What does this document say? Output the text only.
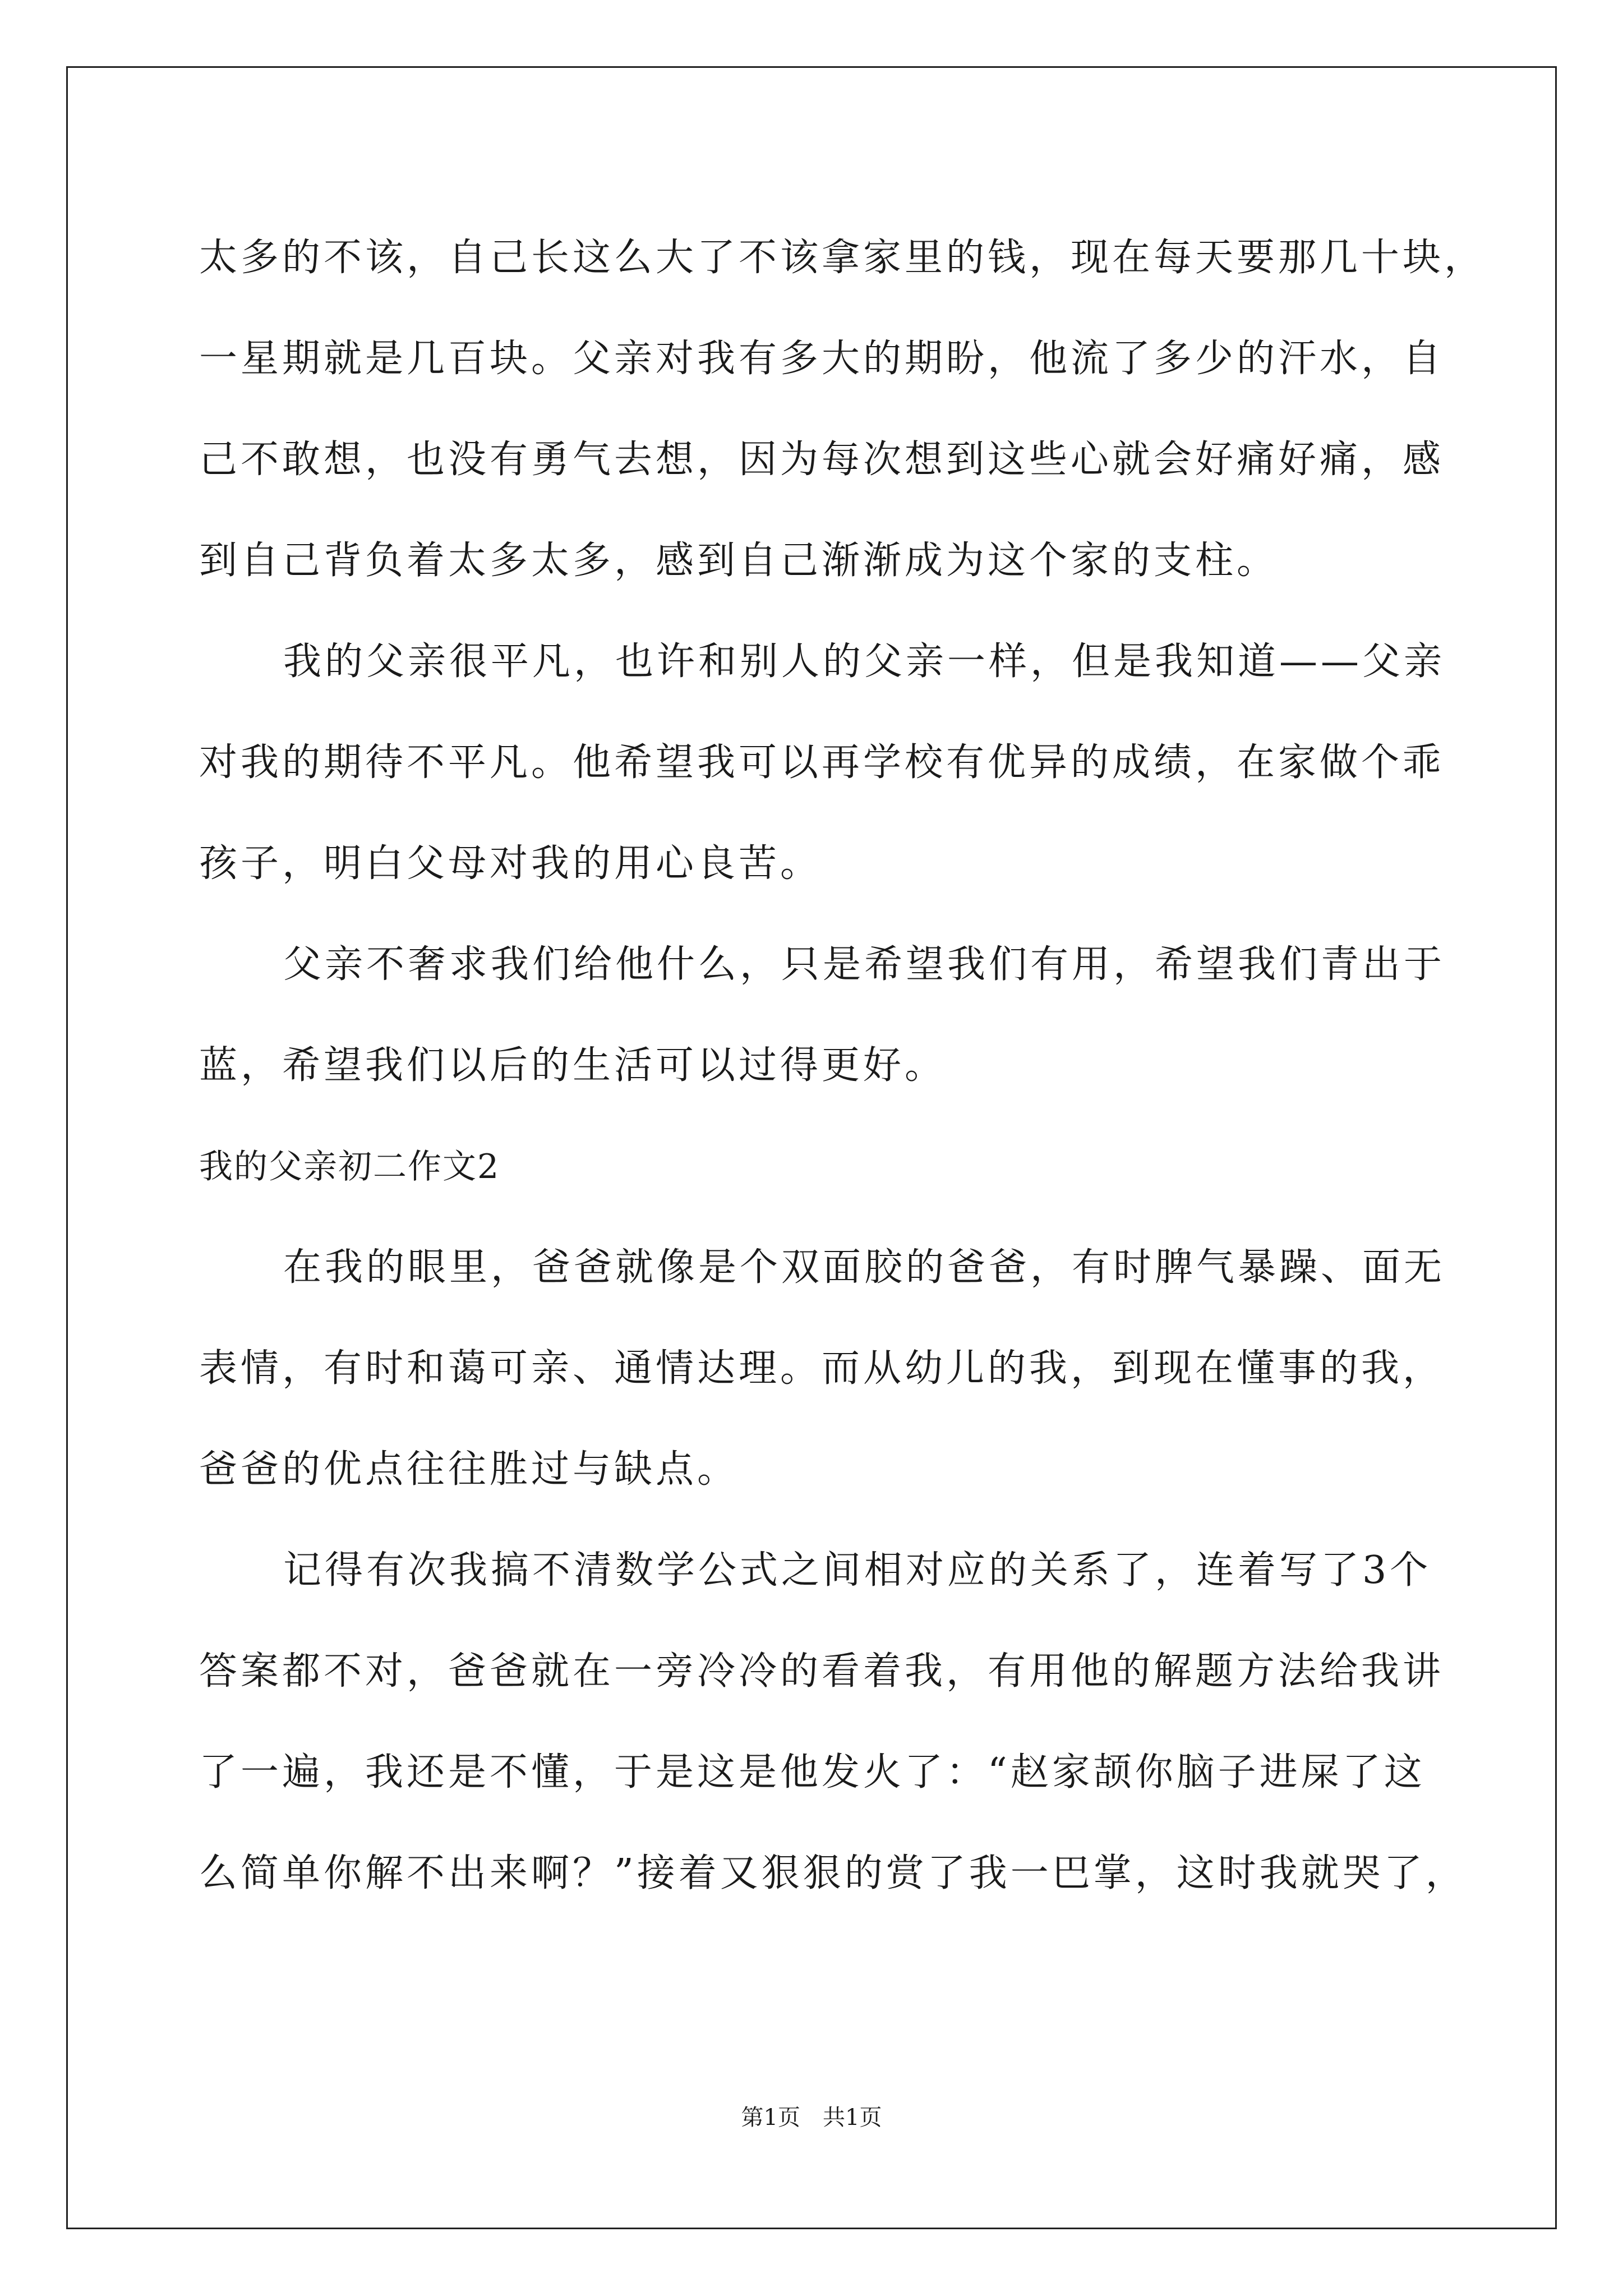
太多的不该，自己长这么大了不该拿家里的钱，现在每天要那几十块，
一星期就是几百块。父亲对我有多大的期盼，他流了多少的汗水，自
己不敢想，也没有勇气去想，因为每次想到这些心就会好痛好痛，感
到自己背负着太多太多，感到自己渐渐成为这个家的支柱。
我的父亲很平凡，也许和别人的父亲一样，但是我知道——父亲
对我的期待不平凡。他希望我可以再学校有优异的成绩，在家做个乖
孩子，明白父母对我的用心良苦。
父亲不奢求我们给他什么，只是希望我们有用，希望我们青出于
蓝，希望我们以后的生活可以过得更好。
我的父亲初二作文2
在我的眼里，爸爸就像是个双面胶的爸爸，有时脾气暴躁、面无
表情，有时和蔼可亲、通情达理。而从幼儿的我，到现在懂事的我，
爸爸的优点往往胜过与缺点。
记得有次我搞不清数学公式之间相对应的关系了，连着写了3个
答案都不对，爸爸就在一旁冷冷的看着我，有用他的解题方法给我讲
了一遍，我还是不懂，于是这是他发火了：“赵家颉你脑子进屎了这
么简单你解不出来啊？”接着又狠狠的赏了我一巴掌，这时我就哭了，
第1页　共1页
